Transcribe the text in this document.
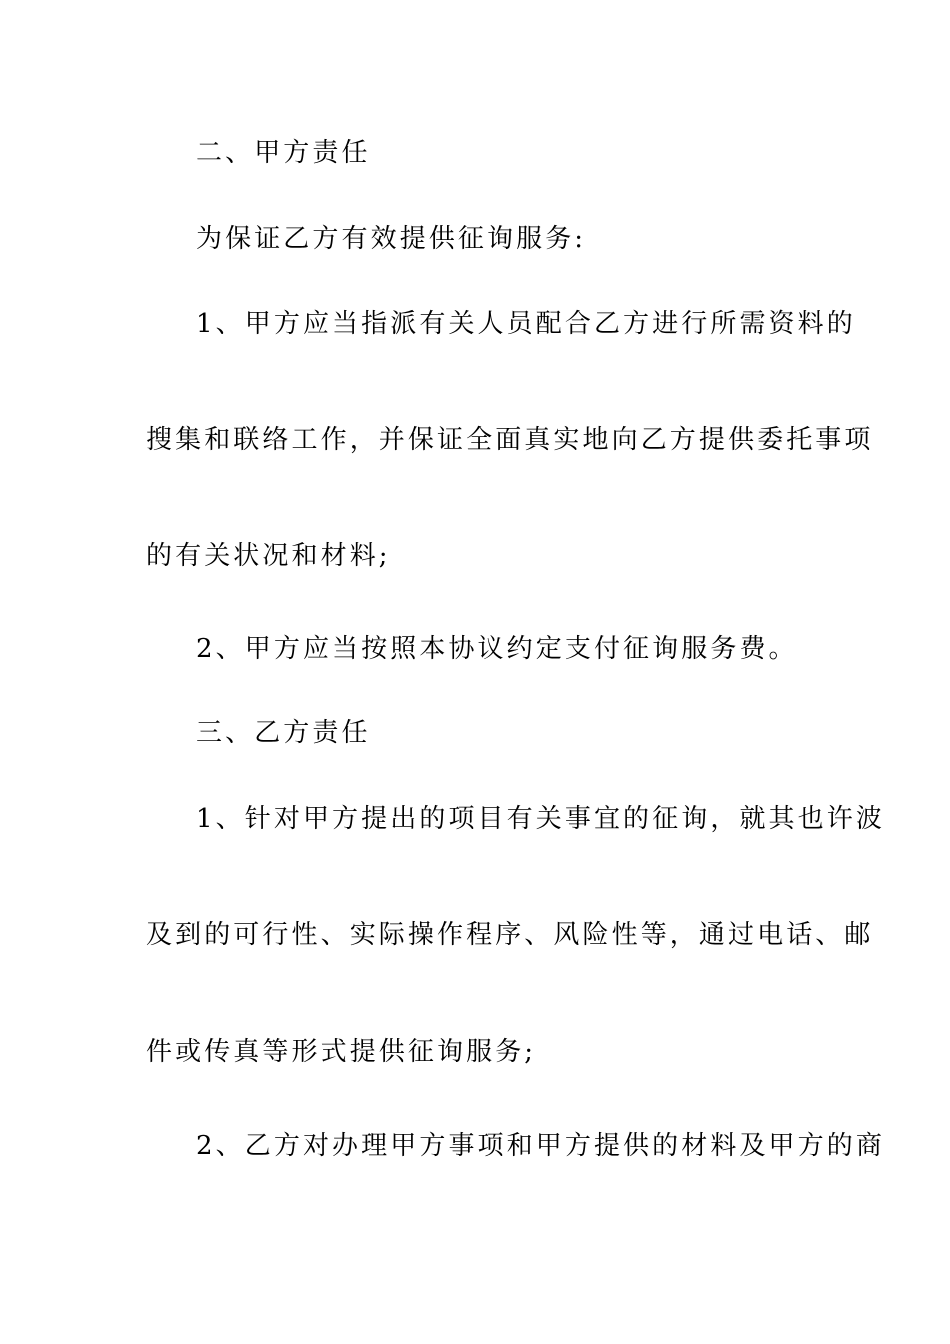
二、甲方责任
为保证乙方有效提供征询服务:
1、甲方应当指派有关人员配合乙方进行所需资料的
搜集和联络工作，并保证全面真实地向乙方提供委托事项
的有关状况和材料;
2、甲方应当按照本协议约定支付征询服务费。
三、乙方责任
1、针对甲方提出的项目有关事宜的征询，就其也许波
及到的可行性、实际操作程序、风险性等，通过电话、邮
件或传真等形式提供征询服务;
2、乙方对办理甲方事项和甲方提供的材料及甲方的商
